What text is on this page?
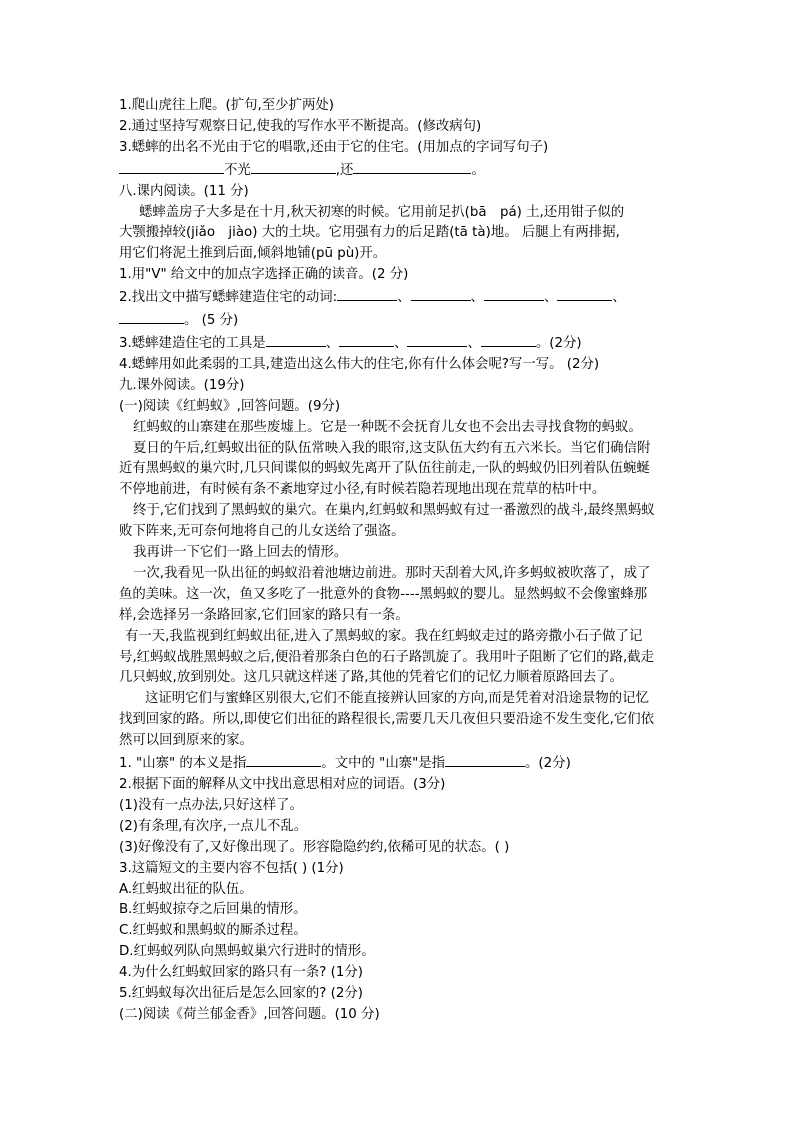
1.爬山虎往上爬。(扩句,至少扩两处)
2.通过坚持写观察日记,使我的写作水平不断提高。(修改病句)
3.蟋蟀的出名不光由于它的唱歌,还由于它的住宅。(用加点的字词写句子)
不光	,还	。
八.课内阅读。(11 分)
蟋蟀盖房子大多是在十月,秋天初寒的时候。它用前足扒(bā　pá) 土,还用钳子似的
大颚搬掉较(jiǎo　jiào) 大的土块。它用强有力的后足踏(tā tà)地。 后腿上有两排据,
用它们将泥土推到后面,倾斜地铺(pū pù)开。
1.用"V" 给文中的加点字选择正确的读音。(2 分)
2.找出文中描写蟋蟀建造住宅的动词:	、	、	、	、
。 (5 分)
3.蟋蟀建造住宅的工具是	、	、	、	。(2分)
4.蟋蟀用如此柔弱的工具,建造出这么伟大的住宅,你有什么体会呢?写一写。 (2分)
九.课外阅读。(19分)
(一)阅读《红蚂蚁》,回答问题。(9分)
红蚂蚁的山寨建在那些废墟上。它是一种既不会抚育儿女也不会出去寻找食物的蚂蚁。
夏日的午后,红蚂蚁出征的队伍常映入我的眼帘,这支队伍大约有五六米长。当它们确信附
近有黑蚂蚁的巢穴时,几只间谍似的蚂蚁先离开了队伍往前走,一队的蚂蚁仍旧列着队伍蜿蜒
不停地前进，有时候有条不紊地穿过小径,有时候若隐若现地出现在荒草的枯叶中。
终于,它们找到了黑蚂蚁的巢穴。在巢内,红蚂蚁和黑蚂蚁有过一番激烈的战斗,最终黑蚂蚁
败下阵来,无可奈何地将自己的儿女送给了强盗。
我再讲一下它们一路上回去的情形。
一次,我看见一队出征的蚂蚁沿着池塘边前进。那时天刮着大风,许多蚂蚁被吹落了，成了
鱼的美味。这一次，鱼又多吃了一批意外的食物----黑蚂蚁的婴儿。显然蚂蚁不会像蜜蜂那
样,会选择另一条路回家,它们回家的路只有一条。
有一天,我监视到红蚂蚁出征,进入了黑蚂蚁的家。我在红蚂蚁走过的路旁撒小石子做了记
号,红蚂蚁战胜黑蚂蚁之后,便沿着那条白色的石子路凯旋了。我用叶子阻断了它们的路,截走
几只蚂蚁,放到别处。这几只就这样迷了路,其他的凭着它们的记忆力顺着原路回去了。
这证明它们与蜜蜂区别很大,它们不能直接辨认回家的方向,而是凭着对沿途景物的记忆
找到回家的路。所以,即使它们出征的路程很长,需要几天几夜但只要沿途不发生变化,它们依
然可以回到原来的家。
1. "山寨" 的本义是指	。文中的 "山寨"是指	。(2分)
2.根据下面的解释从文中找出意思相对应的词语。(3分)
(1)没有一点办法,只好这样了。
(2)有条理,有次序,一点儿不乱。
(3)好像没有了,又好像出现了。形容隐隐约约,依稀可见的状态。( )
3.这篇短文的主要内容不包括( ) (1分)
A.红蚂蚁出征的队伍。
B.红蚂蚁掠夺之后回巢的情形。
C.红蚂蚁和黑蚂蚁的厮杀过程。
D.红蚂蚁列队向黑蚂蚁巢穴行进时的情形。
4.为什么红蚂蚁回家的路只有一条? (1分)
5.红蚂蚁每次出征后是怎么回家的? (2分)
(二)阅读《荷兰郁金香》,回答问题。(10 分)
